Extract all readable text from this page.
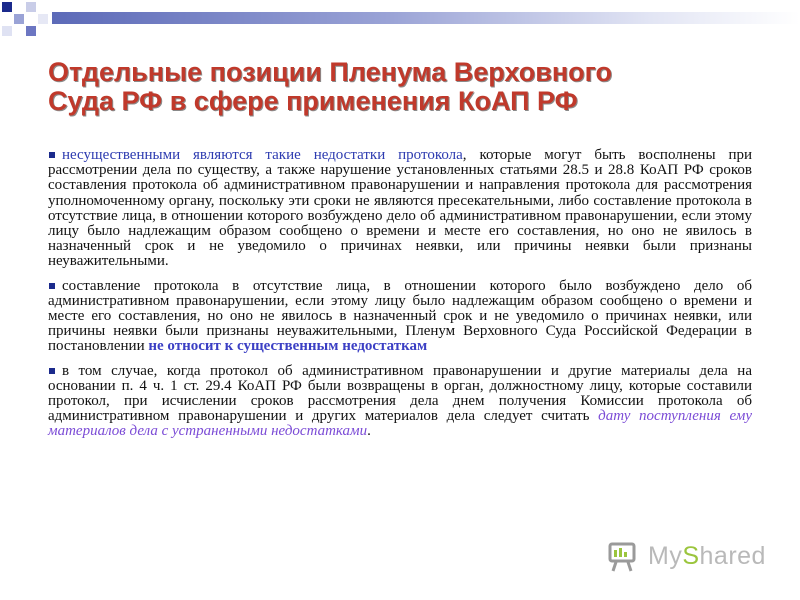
Отдельные позиции Пленума Верховного
Суда РФ в сфере применения КоАП РФ

несущественными являются такие недостатки протокола, которые могут быть восполнены при рассмотрении дела по существу, а также нарушение установленных статьями 28.5 и 28.8 КоАП РФ сроков составления протокола об административном правонарушении и направления протокола для рассмотрения уполномоченному органу, поскольку эти сроки не являются пресекательными, либо составление протокола в отсутствие лица, в отношении которого возбуждено дело об административном правонарушении, если этому лицу было надлежащим образом сообщено о времени и месте его составления, но оно не явилось в назначенный срок и не уведомило о причинах неявки, или причины неявки были признаны неуважительными.

составление протокола в отсутствие лица, в отношении которого было возбуждено дело об административном правонарушении, если этому лицу было надлежащим образом сообщено о времени и месте его составления, но оно не явилось в назначенный срок и не уведомило о причинах неявки, или причины неявки были признаны неуважительными, Пленум Верховного Суда Российской Федерации в постановлении не относит к существенным недостаткам

в том случае, когда протокол об административном правонарушении и другие материалы дела на основании п. 4 ч. 1 ст. 29.4 КоАП РФ были возвращены в орган, должностному лицу, которые составили протокол, при исчислении сроков рассмотрения дела днем получения Комиссии протокола об административном правонарушении и других материалов дела следует считать дату поступления ему материалов дела с устраненными недостатками.

MyShared
